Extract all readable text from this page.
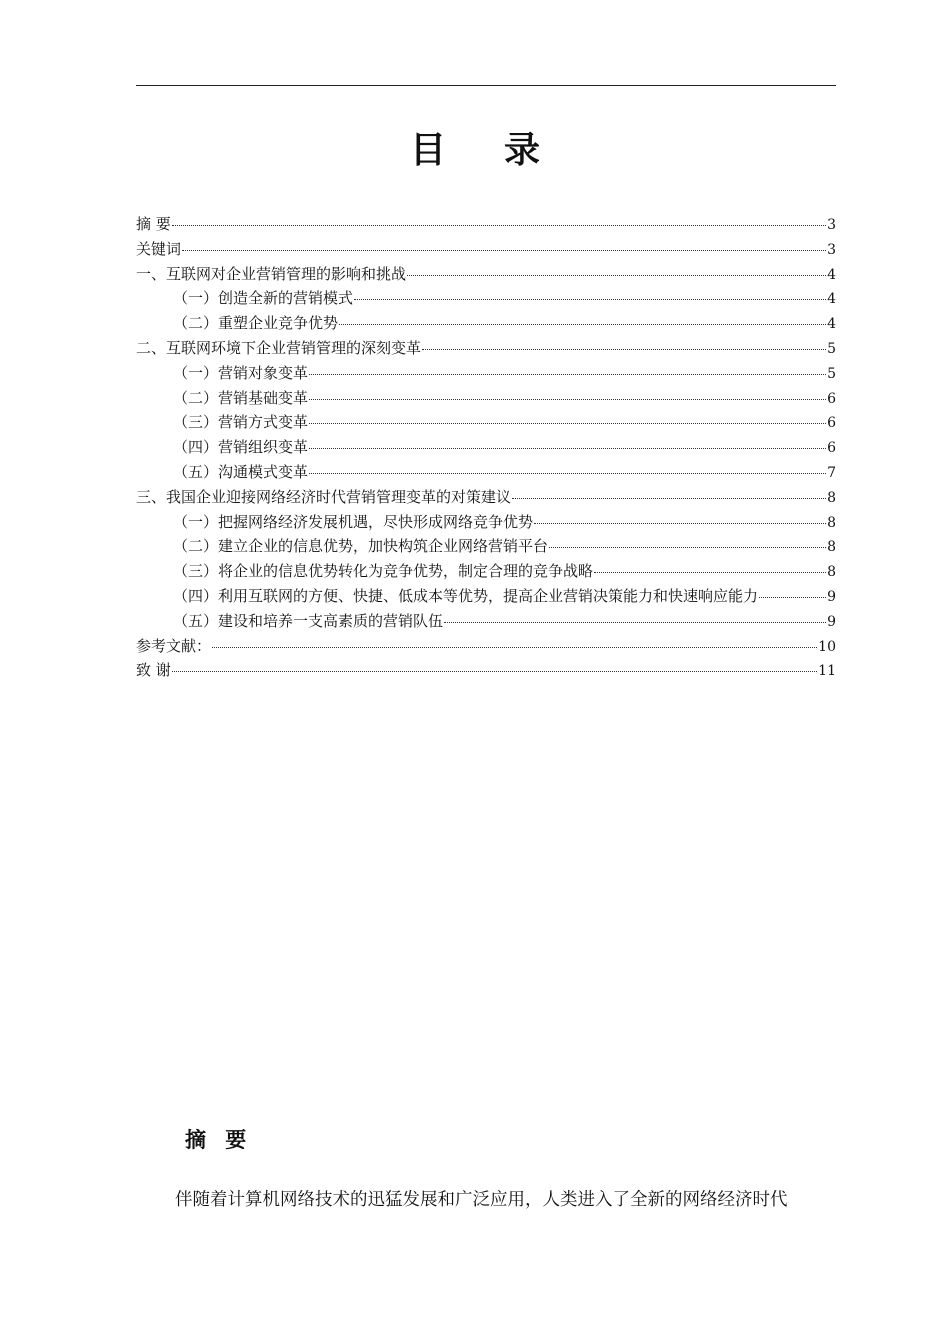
目 录
摘 要	3
关键词	3
一、互联网对企业营销管理的影响和挑战	4
（一）创造全新的营销模式	4
（二）重塑企业竞争优势	4
二、互联网环境下企业营销管理的深刻变革	5
（一）营销对象变革	5
（二）营销基础变革	6
（三）营销方式变革	6
（四）营销组织变革	6
（五）沟通模式变革	7
三、我国企业迎接网络经济时代营销管理变革的对策建议	8
（一）把握网络经济发展机遇，尽快形成网络竞争优势	8
（二）建立企业的信息优势，加快构筑企业网络营销平台	8
（三）将企业的信息优势转化为竞争优势，制定合理的竞争战略	8
（四）利用互联网的方便、快捷、低成本等优势，提高企业营销决策能力和快速响应能力	9
（五）建设和培养一支高素质的营销队伍	9
参考文献：	10
致 谢	11
摘 要
伴随着计算机网络技术的迅猛发展和广泛应用，人类进入了全新的网络经济时代
